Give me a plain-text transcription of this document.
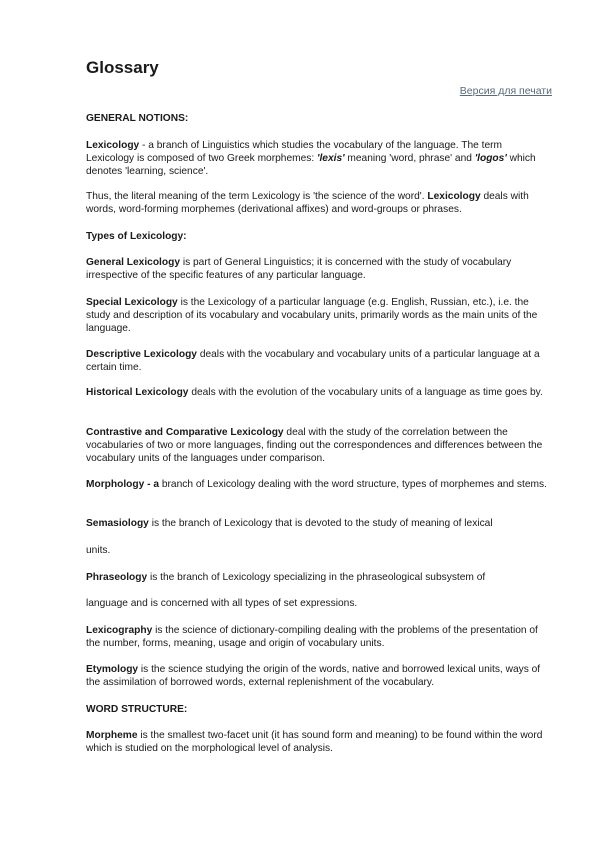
Glossary
Версия для печати

GENERAL NOTIONS:

Lexicology - a branch of Linguistics which studies the vocabulary of the language. The term Lexicology is composed of two Greek morphemes: 'lexis' meaning 'word, phrase' and 'logos' which denotes 'learning, science'.

Thus, the literal meaning of the term Lexicology is 'the science of the word'. Lexicology deals with words, word-forming morphemes (derivational affixes) and word-groups or phrases.

Types of Lexicology:

General Lexicology is part of General Linguistics; it is concerned with the study of vocabulary irrespective of the specific features of any particular language.

Special Lexicology is the Lexicology of a particular language (e.g. English, Russian, etc.), i.e. the study and description of its vocabulary and vocabulary units, primarily words as the main units of the language.

Descriptive Lexicology deals with the vocabulary and vocabulary units of a particular language at a certain time.

Historical Lexicology deals with the evolution of the vocabulary units of a language as time goes by.

Contrastive and Comparative Lexicology deal with the study of the correlation between the vocabularies of two or more languages, finding out the correspondences and differences between the vocabulary units of the languages under comparison.

Morphology - a branch of Lexicology dealing with the word structure, types of morphemes and stems.

Semasiology is the branch of Lexicology that is devoted to the study of meaning of lexical

units.

Phraseology is the branch of Lexicology specializing in the phraseological subsystem of

language and is concerned with all types of set expressions.

Lexicography is the science of dictionary-compiling dealing with the problems of the presentation of the number, forms, meaning, usage and origin of vocabulary units.

Etymology is the science studying the origin of the words, native and borrowed lexical units, ways of the assimilation of borrowed words, external replenishment of the vocabulary.

WORD STRUCTURE:

Morpheme is the smallest two-facet unit (it has sound form and meaning) to be found within the word which is studied on the morphological level of analysis.
